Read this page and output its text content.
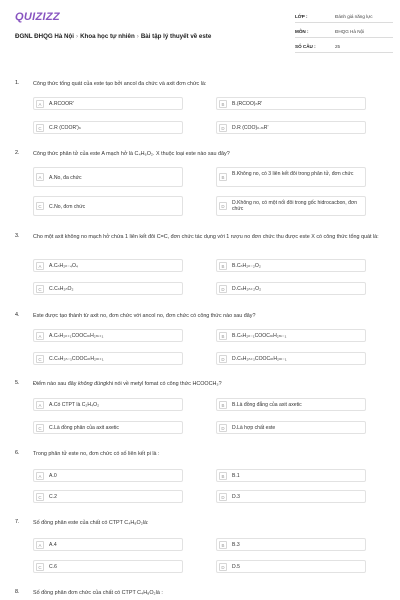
QUIZIZZ
ĐGNL ĐHQG Hà Nội › Khoa học tự nhiên › Bài tập lý thuyết về este
LỚP :	Đánh giá năng lực
MÔN :	ĐHQG Hà Nội
SỐ CÂU :	25
1.	Công thức tổng quát của este tạo bởi ancol đa chức và axit đơn chức là:
A	A.RCOOR'	B	B.(RCOO)ₙR'
C	C.R (COOR')ₙ	D	D.R (COO)ₙ.ₘR'
2.	Công thức phân tử của este A mạch hở là C₄H₆O₂. X thuộc loại este nào sau đây?
A	A.No, đa chức	B
B.Không no, có 3 liên kết đôi trong phân tử, đơn chức
C	C.No, đơn chức	D
D.Không no, có một nối đôi trong gốc hidrocacbon, đơn chức
3.	Cho một axit không no mạch hở chứa 1 liên kết đôi C=C, đơn chức tác dụng với 1 rượu no đơn chức thu được este X có công thức tổng quát là:
A	A.CₙH₂ₙ₋₄O₄	B	B.CₙH₂ₙ₋₂O₂
C	C.CₙH₂ₙO₂	D	D.CₙH₂ₙ₊₂O₂
4.	Este được tạo thành từ axit no, đơn chức với ancol no, đơn chức có công thức nào sau đây?
A	A.CₙH₂ₙ₊₁COOCₘH₂ₘ₊₁	B	B.CₙH₂ₙ₋₁COOCₘH₂ₘ₋₁
C	C.CₙH₂ₙ₋₁COOCₘH₂ₘ₊₁	D	D.CₙH₂ₙ₊₁COOCₘH₂ₘ₋₁
5.	Điểm nào sau đây không đúngkhi nói về metyl fomat có công thức HCOOCH₃?
A	A.Có CTPT là C₂H₄O₂	B	B.Là đồng đẳng của axit axetic
C	C.Là đồng phân của axit axetic	D	D.Là hợp chất este
6.	Trong phân tử este no, đơn chức có số liên kết pi là :
A	A.0	B	B.1
C	C.2	D	D.3
7.	Số đồng phân este của chất có CTPT C₄H₈O₂là:
A	A.4	B	B.3
C	C.6	D	D.5
8.	Số đồng phân đơn chức của chất có CTPT C₄H₈O₂là :
